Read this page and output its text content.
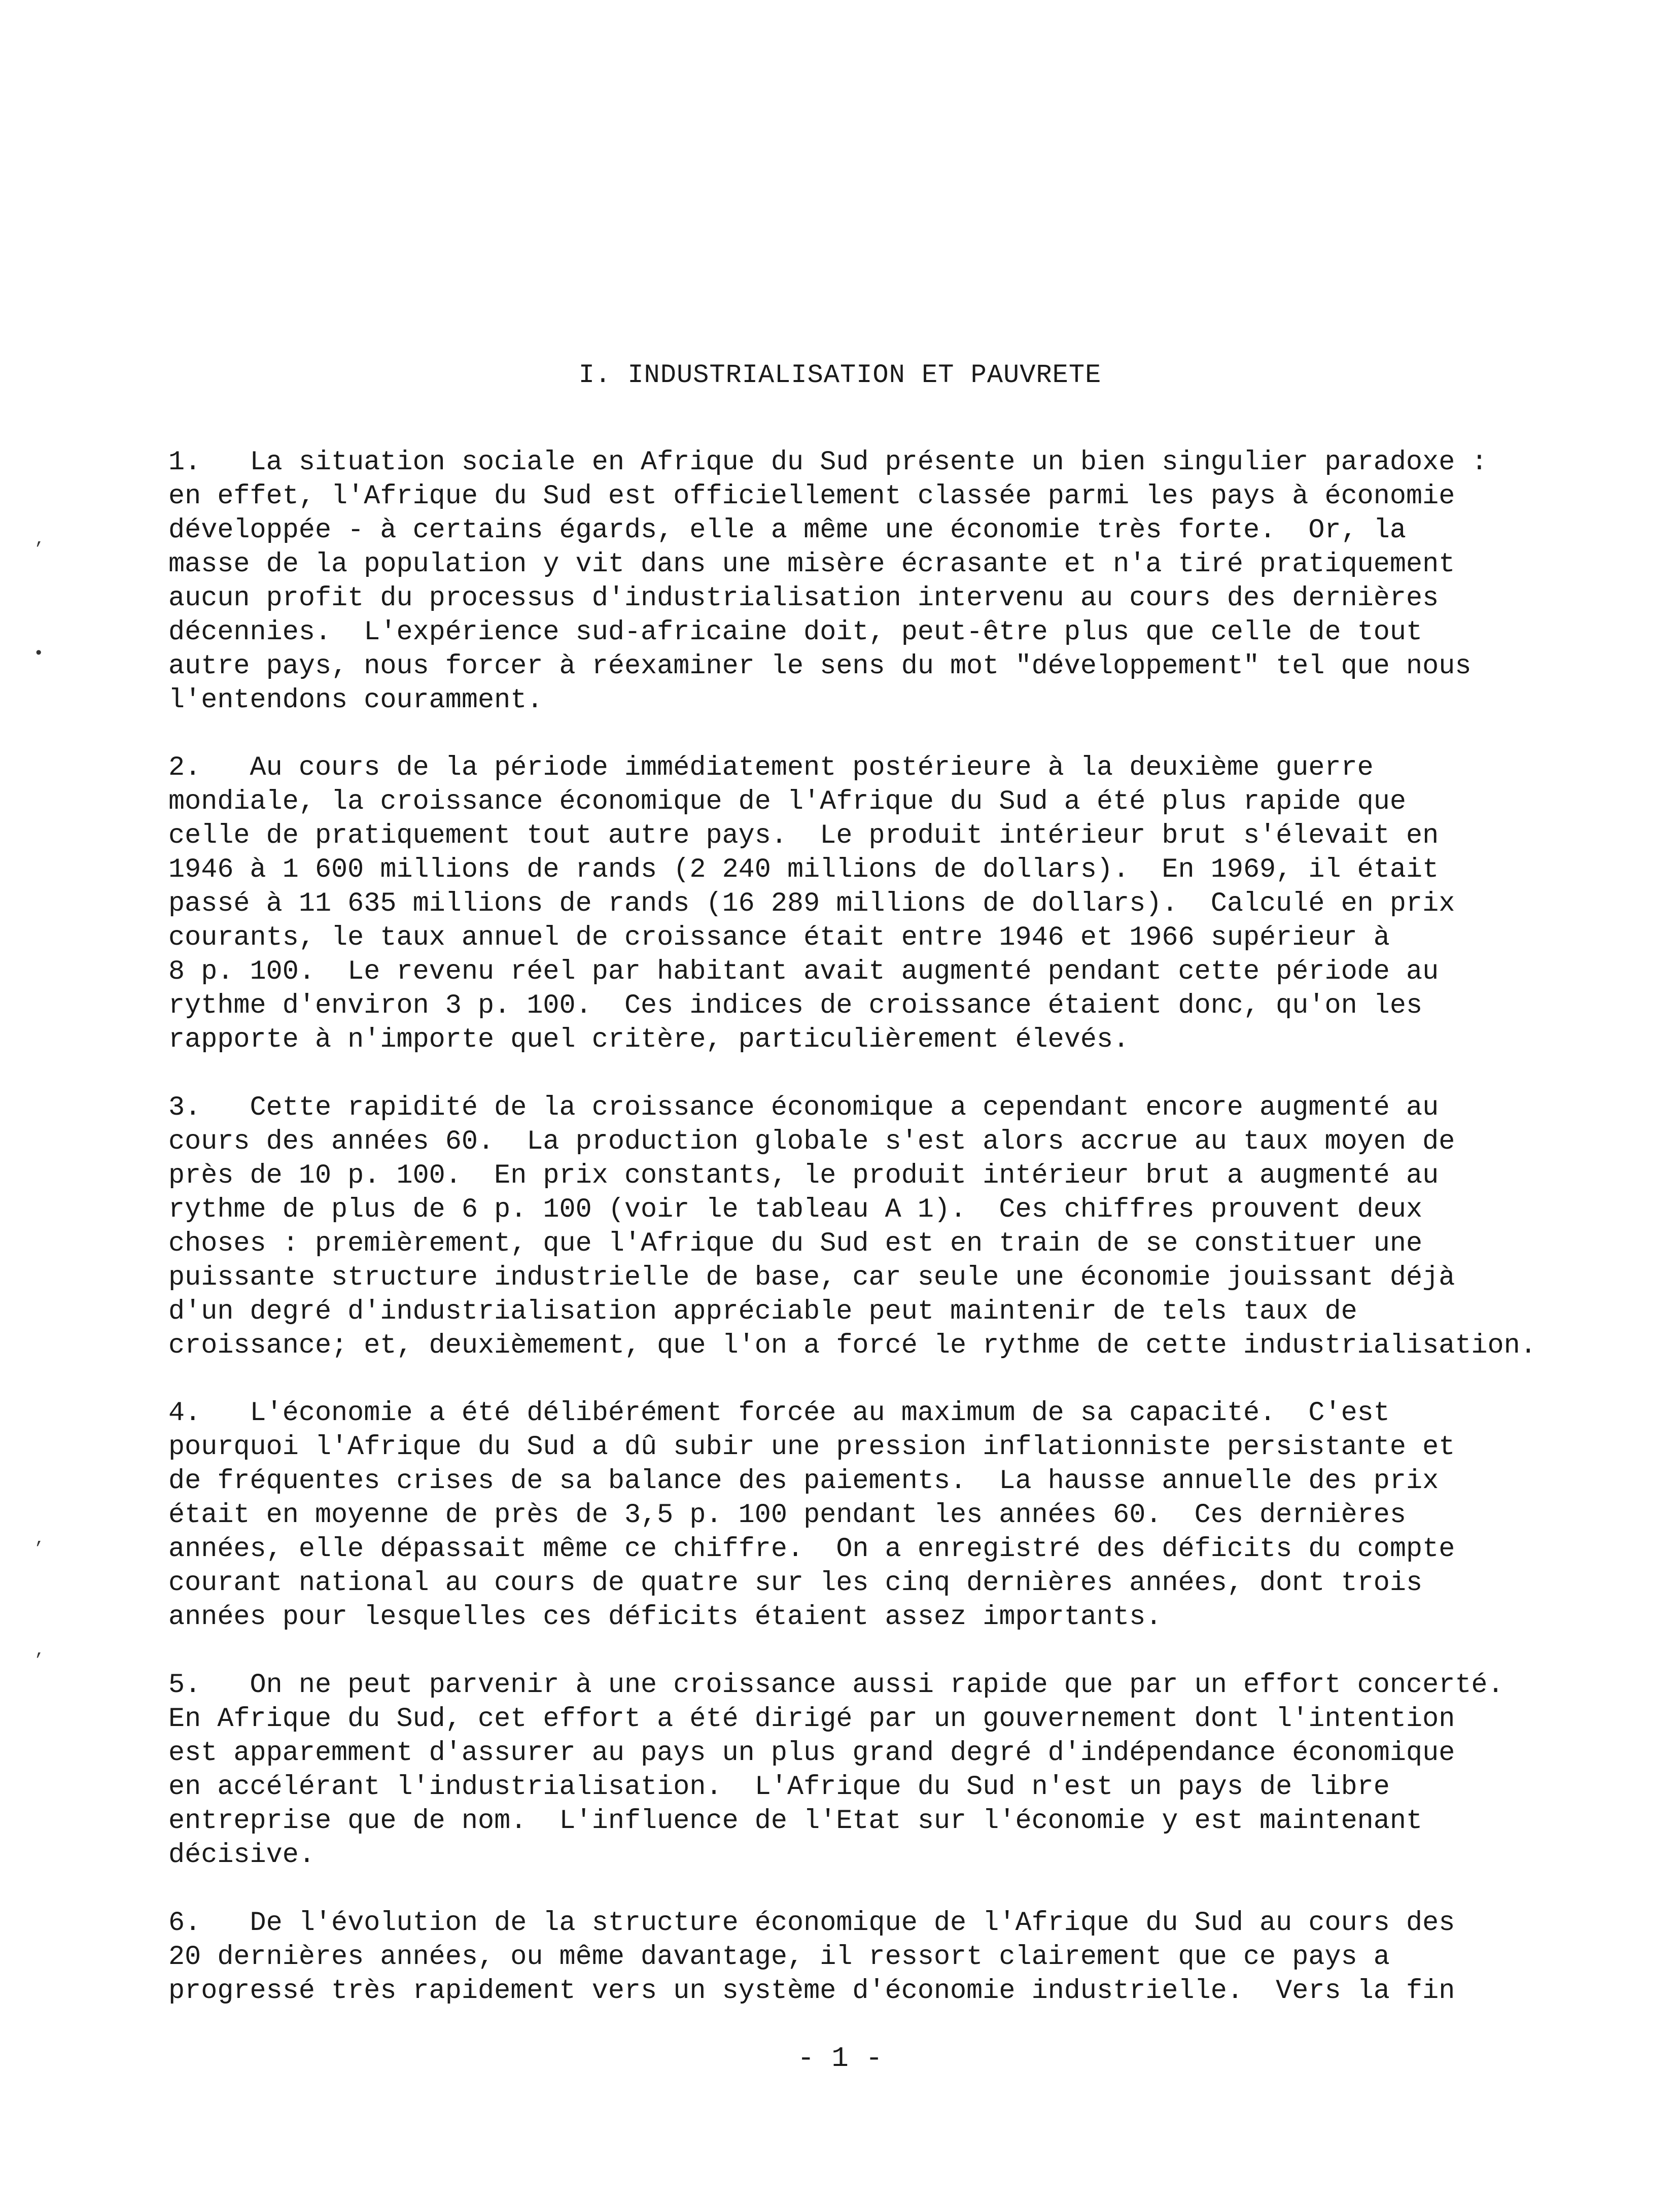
’
•
’
’
I. INDUSTRIALISATION ET PAUVRETE
1.   La situation sociale en Afrique du Sud présente un bien singulier paradoxe :
en effet, l'Afrique du Sud est officiellement classée parmi les pays à économie
développée - à certains égards, elle a même une économie très forte.  Or, la
masse de la population y vit dans une misère écrasante et n'a tiré pratiquement
aucun profit du processus d'industrialisation intervenu au cours des dernières
décennies.  L'expérience sud-africaine doit, peut-être plus que celle de tout
autre pays, nous forcer à réexaminer le sens du mot "développement" tel que nous
l'entendons couramment.
2.   Au cours de la période immédiatement postérieure à la deuxième guerre
mondiale, la croissance économique de l'Afrique du Sud a été plus rapide que
celle de pratiquement tout autre pays.  Le produit intérieur brut s'élevait en
1946 à 1 600 millions de rands (2 240 millions de dollars).  En 1969, il était
passé à 11 635 millions de rands (16 289 millions de dollars).  Calculé en prix
courants, le taux annuel de croissance était entre 1946 et 1966 supérieur à
8 p. 100.  Le revenu réel par habitant avait augmenté pendant cette période au
rythme d'environ 3 p. 100.  Ces indices de croissance étaient donc, qu'on les
rapporte à n'importe quel critère, particulièrement élevés.
3.   Cette rapidité de la croissance économique a cependant encore augmenté au
cours des années 60.  La production globale s'est alors accrue au taux moyen de
près de 10 p. 100.  En prix constants, le produit intérieur brut a augmenté au
rythme de plus de 6 p. 100 (voir le tableau A 1).  Ces chiffres prouvent deux
choses : premièrement, que l'Afrique du Sud est en train de se constituer une
puissante structure industrielle de base, car seule une économie jouissant déjà
d'un degré d'industrialisation appréciable peut maintenir de tels taux de
croissance; et, deuxièmement, que l'on a forcé le rythme de cette industrialisation.
4.   L'économie a été délibérément forcée au maximum de sa capacité.  C'est
pourquoi l'Afrique du Sud a dû subir une pression inflationniste persistante et
de fréquentes crises de sa balance des paiements.  La hausse annuelle des prix
était en moyenne de près de 3,5 p. 100 pendant les années 60.  Ces dernières
années, elle dépassait même ce chiffre.  On a enregistré des déficits du compte
courant national au cours de quatre sur les cinq dernières années, dont trois
années pour lesquelles ces déficits étaient assez importants.
5.   On ne peut parvenir à une croissance aussi rapide que par un effort concerté.
En Afrique du Sud, cet effort a été dirigé par un gouvernement dont l'intention
est apparemment d'assurer au pays un plus grand degré d'indépendance économique
en accélérant l'industrialisation.  L'Afrique du Sud n'est un pays de libre
entreprise que de nom.  L'influence de l'Etat sur l'économie y est maintenant
décisive.
6.   De l'évolution de la structure économique de l'Afrique du Sud au cours des
20 dernières années, ou même davantage, il ressort clairement que ce pays a
progressé très rapidement vers un système d'économie industrielle.  Vers la fin
- 1 -
